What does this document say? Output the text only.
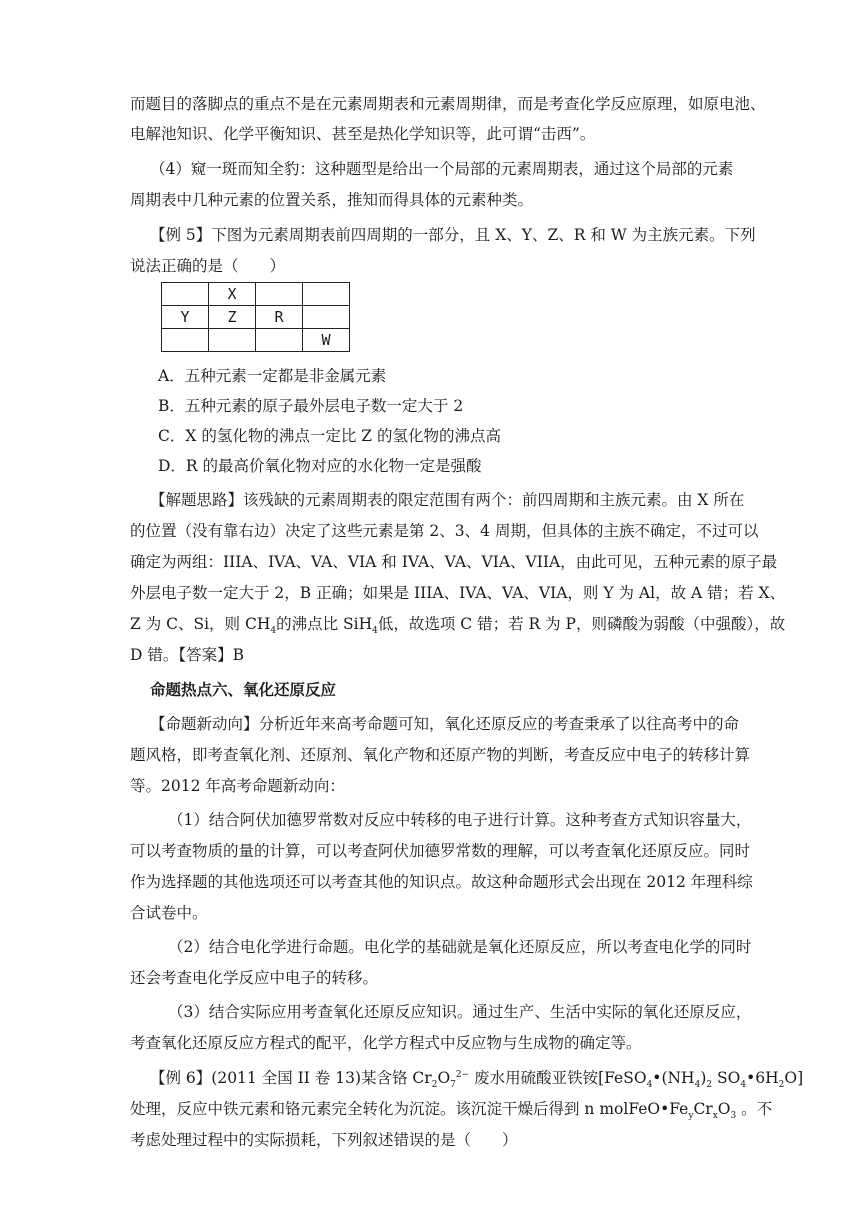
而题目的落脚点的重点不是在元素周期表和元素周期律，而是考查化学反应原理，如原电池、
电解池知识、化学平衡知识、甚至是热化学知识等，此可谓“击西”。
（4）窥一斑而知全豹：这种题型是给出一个局部的元素周期表，通过这个局部的元素
周期表中几种元素的位置关系，推知而得具体的元素种类。
【例 5】下图为元素周期表前四周期的一部分，且 X、Y、Z、R 和 W 为主族元素。下列
说法正确的是（　　）
	X		
Y	Z	R	
			W
A．五种元素一定都是非金属元素
B．五种元素的原子最外层电子数一定大于 2
C．X 的氢化物的沸点一定比 Z 的氢化物的沸点高
D．R 的最高价氧化物对应的水化物一定是强酸
【解题思路】该残缺的元素周期表的限定范围有两个：前四周期和主族元素。由 X 所在
的位置（没有靠右边）决定了这些元素是第 2、3、4 周期，但具体的主族不确定，不过可以
确定为两组：IIIA、IVA、VA、VIA 和 IVA、VA、VIA、VIIA，由此可见，五种元素的原子最
外层电子数一定大于 2，B 正确；如果是 IIIA、IVA、VA、VIA，则 Y 为 Al，故 A 错；若 X、
Z 为 C、Si，则 $CH_4$的沸点比 SiH$_4$低，故选项 C 错；若 R 为 P，则磷酸为弱酸（中强酸），故
D 错。【答案】B
命题热点六、氧化还原反应
【命题新动向】分析近年来高考命题可知，氧化还原反应的考查秉承了以往高考中的命
题风格，即考查氧化剂、还原剂、氧化产物和还原产物的判断，考查反应中电子的转移计算
等。2012 年高考命题新动向：
（1）结合阿伏加德罗常数对反应中转移的电子进行计算。这种考查方式知识容量大，
可以考查物质的量的计算，可以考查阿伏加德罗常数的理解，可以考查氧化还原反应。同时
作为选择题的其他选项还可以考查其他的知识点。故这种命题形式会出现在 2012 年理科综
合试卷中。
（2）结合电化学进行命题。电化学的基础就是氧化还原反应，所以考查电化学的同时
还会考查电化学反应中电子的转移。
（3）结合实际应用考查氧化还原反应知识。通过生产、生活中实际的氧化还原反应，
考查氧化还原反应方程式的配平，化学方程式中反应物与生成物的确定等。
【例 6】(2011 全国 II 卷 13)某含铬 $Cr_2O_7^{2-}$ 废水用硫酸亚铁铵[$FeSO_4•(NH_4)_2$ $SO_4•6H_2O$]
处理，反应中铁元素和铬元素完全转化为沉淀。该沉淀干燥后得到 n $molFeO•Fe_yCr_xO_3$ 。不
考虑处理过程中的实际损耗，下列叙述错误的是（　　）
